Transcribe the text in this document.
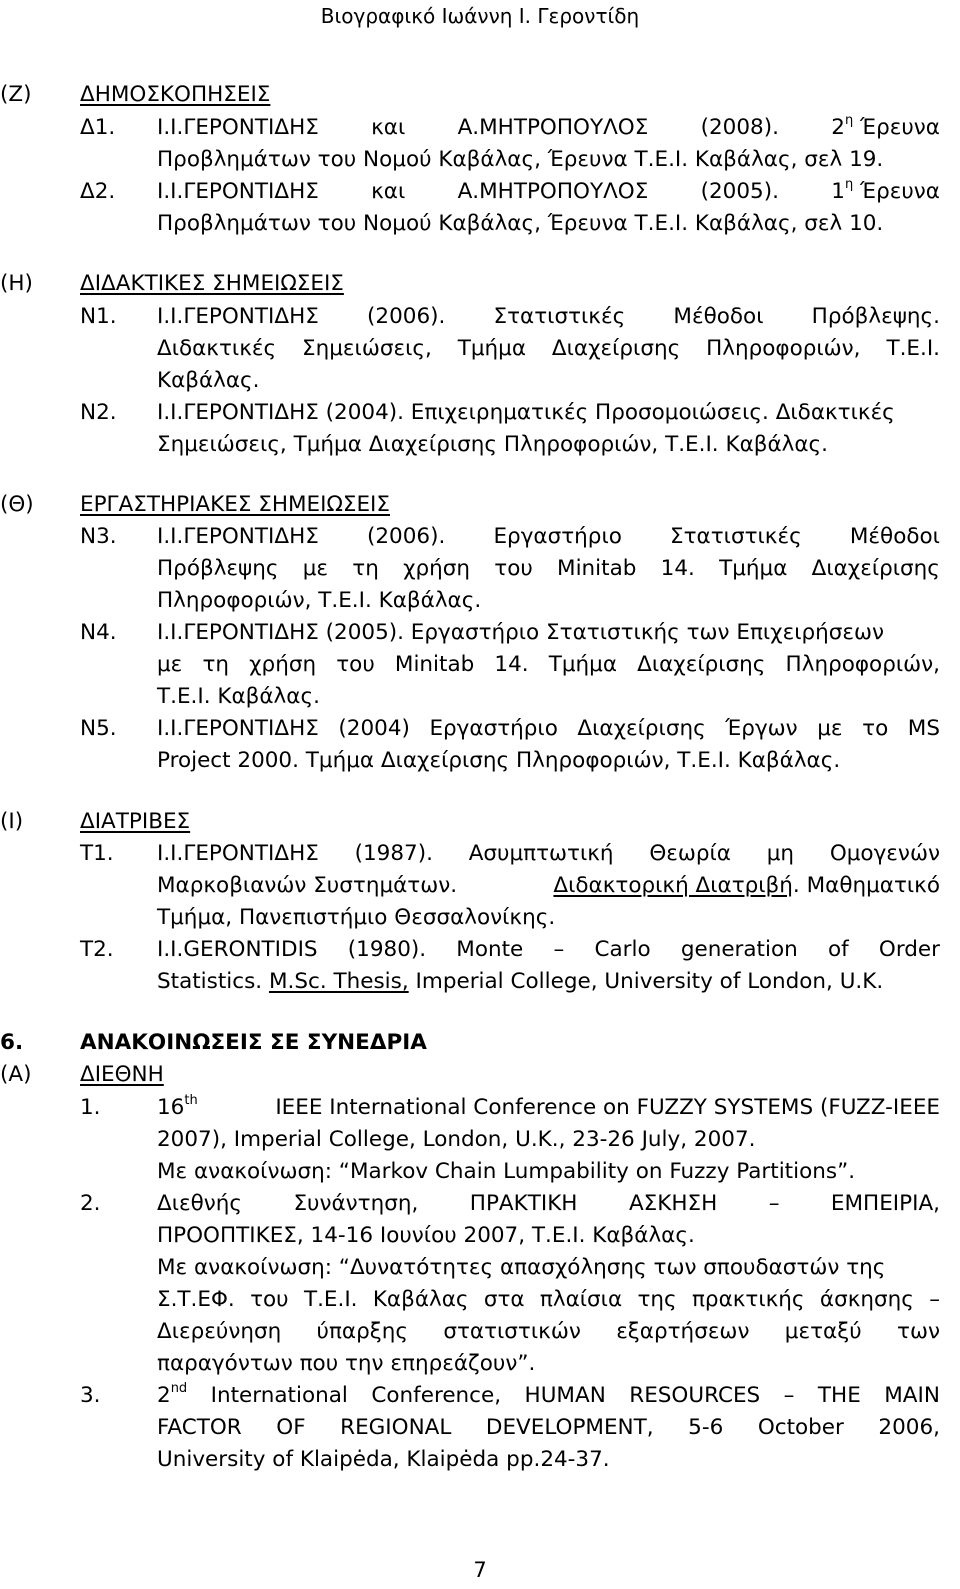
Βιογραφικό Ιωάννη Ι. Γεροντίδη
(Ζ) ΔΗΜΟΣΚΟΠΗΣΕΙΣ
Δ1. Ι.Ι.ΓΕΡΟΝΤΙΔΗΣ και Α.ΜΗΤΡΟΠΟΥΛΟΣ (2008). $2^\eta$ Έρευνα
Προβλημάτων του Νομού Καβάλας, Έρευνα Τ.Ε.Ι. Καβάλας, σελ 19.
Δ2. Ι.Ι.ΓΕΡΟΝΤΙΔΗΣ και Α.ΜΗΤΡΟΠΟΥΛΟΣ (2005). $1^\eta$ Έρευνα
Προβλημάτων του Νομού Καβάλας, Έρευνα Τ.Ε.Ι. Καβάλας, σελ 10.
(Η) ΔΙΔΑΚΤΙΚΕΣ ΣΗΜΕΙΩΣΕΙΣ
Ν1. Ι.Ι.ΓΕΡΟΝΤΙΔΗΣ (2006). Στατιστικές Μέθοδοι Πρόβλεψης.
Διδακτικές Σημειώσεις, Τμήμα Διαχείρισης Πληροφοριών, Τ.Ε.Ι.
Καβάλας.
Ν2. Ι.Ι.ΓΕΡΟΝΤΙΔΗΣ (2004). Επιχειρηματικές Προσομοιώσεις. Διδακτικές
Σημειώσεις, Τμήμα Διαχείρισης Πληροφοριών, Τ.Ε.Ι. Καβάλας.
(Θ) ΕΡΓΑΣΤΗΡΙΑΚΕΣ ΣΗΜΕΙΩΣΕΙΣ
Ν3. Ι.Ι.ΓΕΡΟΝΤΙΔΗΣ (2006). Εργαστήριο Στατιστικές Μέθοδοι
Πρόβλεψης με τη χρήση του Minitab 14. Τμήμα Διαχείρισης
Πληροφοριών, Τ.Ε.Ι. Καβάλας.
Ν4. Ι.Ι.ΓΕΡΟΝΤΙΔΗΣ (2005). Εργαστήριο Στατιστικής των Επιχειρήσεων
με τη χρήση του Minitab 14. Τμήμα Διαχείρισης Πληροφοριών,
Τ.Ε.Ι. Καβάλας.
Ν5. Ι.Ι.ΓΕΡΟΝΤΙΔΗΣ (2004) Εργαστήριο Διαχείρισης Έργων με το MS
Project 2000. Τμήμα Διαχείρισης Πληροφοριών, Τ.Ε.Ι. Καβάλας.
(Ι)	ΔΙΑΤΡΙΒΕΣ
Τ1. Ι.Ι.ΓΕΡΟΝΤΙΔΗΣ (1987). Ασυμπτωτική Θεωρία μη Ομογενών
Μαρκοβιανών Συστημάτων.	Διδακτορική Διατριβή. Μαθηματικό
Τμήμα, Πανεπιστήμιο Θεσσαλονίκης.
Τ2. Ι.Ι.GERONTIDIS (1980). Monte – Carlo generation of Order
Statistics. M.Sc. Thesis, Imperial College, University of London, U.K.
6.	ΑΝΑΚΟΙΝΩΣΕΙΣ ΣΕ ΣΥΝΕΔΡΙΑ
(Α) ΔΙΕΘΝΗ
1.	16th	IEEE International Conference on FUZZY SYSTEMS (FUZZ-IEEE
2007), Imperial College, London, U.K., 23-26 July, 2007.
Με ανακοίνωση: “Markov Chain Lumpability on Fuzzy Partitions”.
2.	Διεθνής Συνάντηση, ΠΡΑΚΤΙΚΗ ΑΣΚΗΣΗ – ΕΜΠΕΙΡΙΑ,
ΠΡΟΟΠΤΙΚΕΣ, 14-16 Ιουνίου 2007, Τ.Ε.Ι. Καβάλας.
Με ανακοίνωση: “Δυνατότητες απασχόλησης των σπουδαστών της
Σ.Τ.ΕΦ. του Τ.Ε.Ι. Καβάλας στα πλαίσια της πρακτικής άσκησης –
Διερεύνηση ύπαρξης στατιστικών εξαρτήσεων μεταξύ των
παραγόντων που την επηρεάζουν”.
3.	2nd International Conference, HUMAN RESOURCES – THE MAIN
FACTOR OF REGIONAL DEVELOPMENT, 5-6 October 2006,
University of Klaipėda, Klaipėda pp.24-37.
7
